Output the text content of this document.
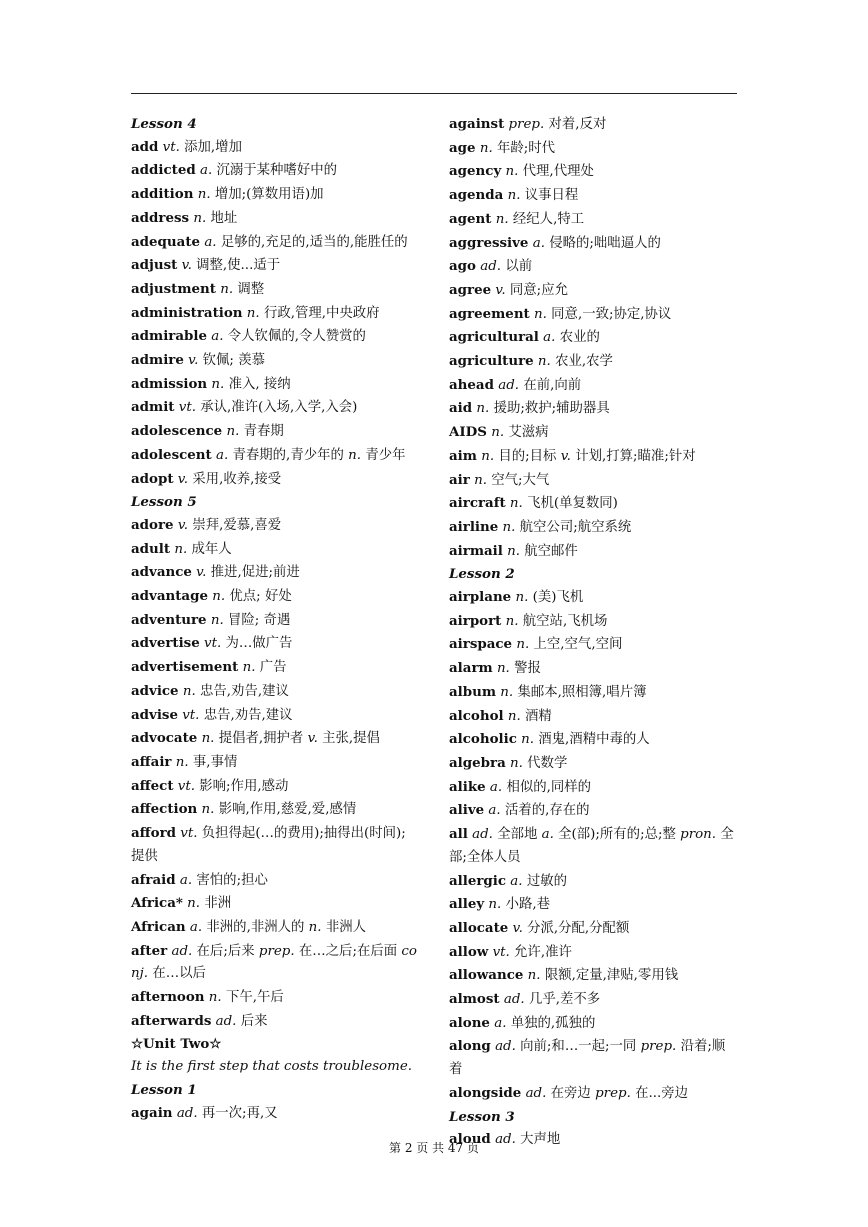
Lesson 4
add vt. 添加,增加
addicted a. 沉溺于某种嗜好中的
addition n. 增加;(算数用语)加
address n. 地址
adequate a. 足够的,充足的,适当的,能胜任的
adjust v. 调整,使...适于
adjustment n. 调整
administration n. 行政,管理,中央政府
admirable a. 令人钦佩的,令人赞赏的
admire v. 钦佩; 羡慕
admission n. 准入, 接纳
admit vt. 承认,准许(入场,入学,入会)
adolescence n. 青春期
adolescent a. 青春期的,青少年的 n. 青少年
adopt v. 采用,收养,接受
Lesson 5
adore v. 崇拜,爱慕,喜爱
adult n. 成年人
advance v. 推进,促进;前进
advantage n. 优点; 好处
adventure n. 冒险; 奇遇
advertise vt. 为…做广告
advertisement n. 广告
advice n. 忠告,劝告,建议
advise vt. 忠告,劝告,建议
advocate n. 提倡者,拥护者 v. 主张,提倡
affair n. 事,事情
affect vt. 影响;作用,感动
affection n. 影响,作用,慈爱,爱,感情
afford vt. 负担得起(…的费用);抽得出(时间);提供
afraid a. 害怕的;担心
Africa* n. 非洲
African a. 非洲的,非洲人的 n. 非洲人
after ad. 在后;后来 prep. 在…之后;在后面 conj. 在…以后
afternoon n. 下午,午后
afterwards ad. 后来
☆Unit Two☆
It is the first step that costs troublesome.
Lesson 1
again ad. 再一次;再,又
against prep. 对着,反对
age n. 年龄;时代
agency n. 代理,代理处
agenda n. 议事日程
agent n. 经纪人,特工
aggressive a. 侵略的;咄咄逼人的
ago ad. 以前
agree v. 同意;应允
agreement n. 同意,一致;协定,协议
agricultural a. 农业的
agriculture n. 农业,农学
ahead ad. 在前,向前
aid n. 援助;救护;辅助器具
AIDS n. 艾滋病
aim n. 目的;目标 v. 计划,打算;瞄准;针对
air n. 空气;大气
aircraft n. 飞机(单复数同)
airline n. 航空公司;航空系统
airmail n. 航空邮件
Lesson 2
airplane n. (美)飞机
airport n. 航空站,飞机场
airspace n. 上空,空气,空间
alarm n. 警报
album n. 集邮本,照相簿,唱片簿
alcohol n. 酒精
alcoholic n. 酒鬼,酒精中毒的人
algebra n. 代数学
alike a. 相似的,同样的
alive a. 活着的,存在的
all ad. 全部地 a. 全(部);所有的;总;整 pron. 全部;全体人员
allergic a. 过敏的
alley n. 小路,巷
allocate v. 分派,分配,分配额
allow vt. 允许,准许
allowance n. 限额,定量,津贴,零用钱
almost ad. 几乎,差不多
alone a. 单独的,孤独的
along ad. 向前;和…一起;一同 prep. 沿着;顺着
alongside ad. 在旁边 prep. 在...旁边
Lesson 3
aloud ad. 大声地
第 2 页 共 47 页
